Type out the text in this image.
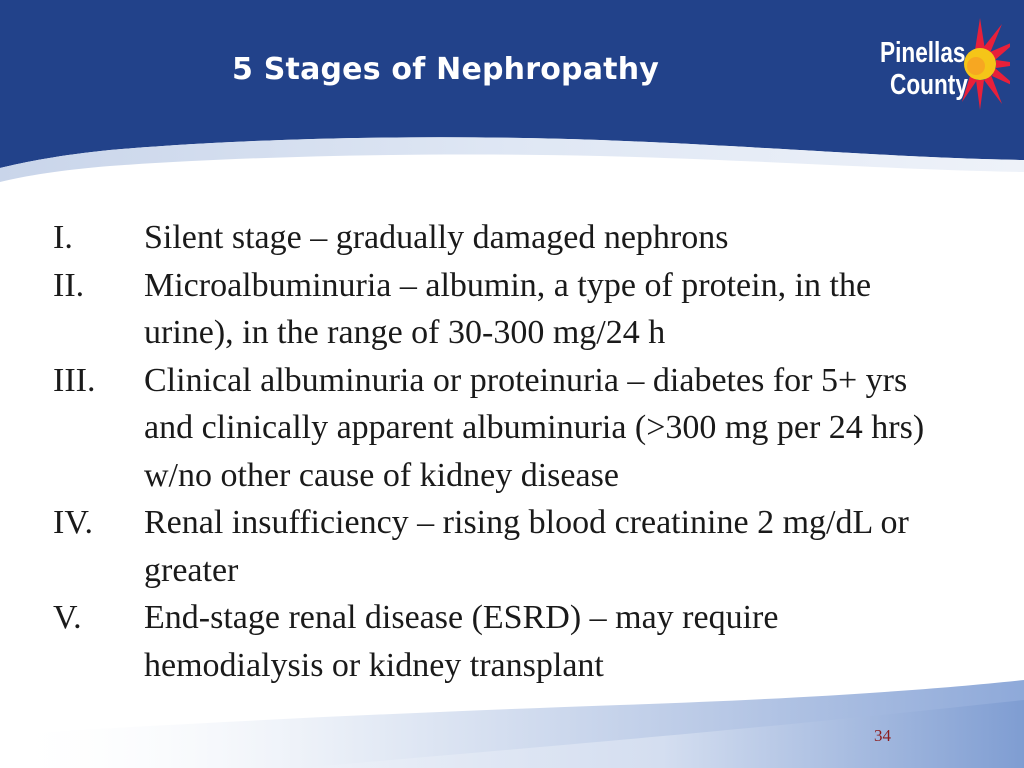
5 Stages of Nephropathy	Pinellas
County
I.	Silent stage – gradually damaged nephrons
II.	Microalbuminuria – albumin, a type of protein, in the urine), in the range of 30-300 mg/24 h
III.	Clinical albuminuria or proteinuria – diabetes for 5+ yrs and clinically apparent albuminuria (>300 mg per 24 hrs) w/no other cause of kidney disease
IV.	Renal insufficiency – rising blood creatinine 2 mg/dL or greater
V.	End-stage renal disease (ESRD) – may require hemodialysis or kidney transplant
34
